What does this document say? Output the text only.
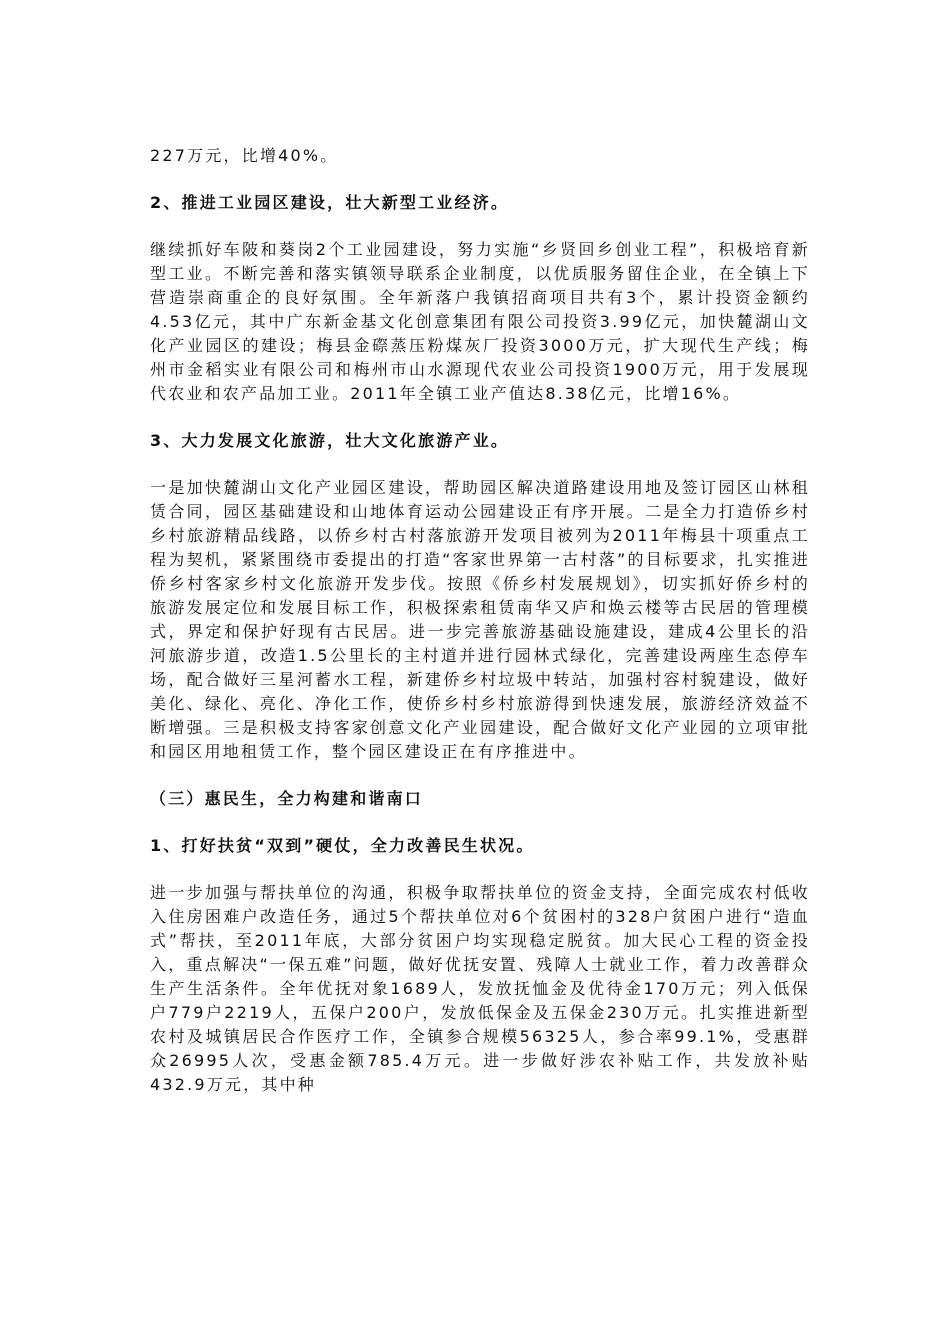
227万元，比增40%。

2、推进工业园区建设，壮大新型工业经济。

继续抓好车陂和葵岗2个工业园建设，努力实施“乡贤回乡创业工程”，积极培育新型工业。不断完善和落实镇领导联系企业制度，以优质服务留住企业，在全镇上下营造崇商重企的良好氛围。全年新落户我镇招商项目共有3个，累计投资金额约4.53亿元，其中广东新金基文化创意集团有限公司投资3.99亿元，加快麓湖山文化产业园区的建设；梅县金磜蒸压粉煤灰厂投资3000万元，扩大现代生产线；梅州市金稻实业有限公司和梅州市山水源现代农业公司投资1900万元，用于发展现代农业和农产品加工业。2011年全镇工业产值达8.38亿元，比增16%。

3、大力发展文化旅游，壮大文化旅游产业。

一是加快麓湖山文化产业园区建设，帮助园区解决道路建设用地及签订园区山林租赁合同，园区基础建设和山地体育运动公园建设正有序开展。二是全力打造侨乡村乡村旅游精品线路，以侨乡村古村落旅游开发项目被列为2011年梅县十项重点工程为契机，紧紧围绕市委提出的打造“客家世界第一古村落”的目标要求，扎实推进侨乡村客家乡村文化旅游开发步伐。按照《侨乡村发展规划》，切实抓好侨乡村的旅游发展定位和发展目标工作，积极探索租赁南华又庐和焕云楼等古民居的管理模式，界定和保护好现有古民居。进一步完善旅游基础设施建设，建成4公里长的沿河旅游步道，改造1.5公里长的主村道并进行园林式绿化，完善建设两座生态停车场，配合做好三星河蓄水工程，新建侨乡村垃圾中转站，加强村容村貌建设，做好美化、绿化、亮化、净化工作，使侨乡村乡村旅游得到快速发展，旅游经济效益不断增强。三是积极支持客家创意文化产业园建设，配合做好文化产业园的立项审批和园区用地租赁工作，整个园区建设正在有序推进中。

（三）惠民生，全力构建和谐南口

1、打好扶贫“双到”硬仗，全力改善民生状况。

进一步加强与帮扶单位的沟通，积极争取帮扶单位的资金支持，全面完成农村低收入住房困难户改造任务，通过5个帮扶单位对6个贫困村的328户贫困户进行“造血式”帮扶，至2011年底，大部分贫困户均实现稳定脱贫。加大民心工程的资金投入，重点解决“一保五难”问题，做好优抚安置、残障人士就业工作，着力改善群众生产生活条件。全年优抚对象1689人，发放抚恤金及优待金170万元；列入低保户779户2219人，五保户200户，发放低保金及五保金230万元。扎实推进新型农村及城镇居民合作医疗工作，全镇参合规模56325人，参合率99.1%，受惠群众26995人次，受惠金额785.4万元。进一步做好涉农补贴工作，共发放补贴432.9万元，其中种
